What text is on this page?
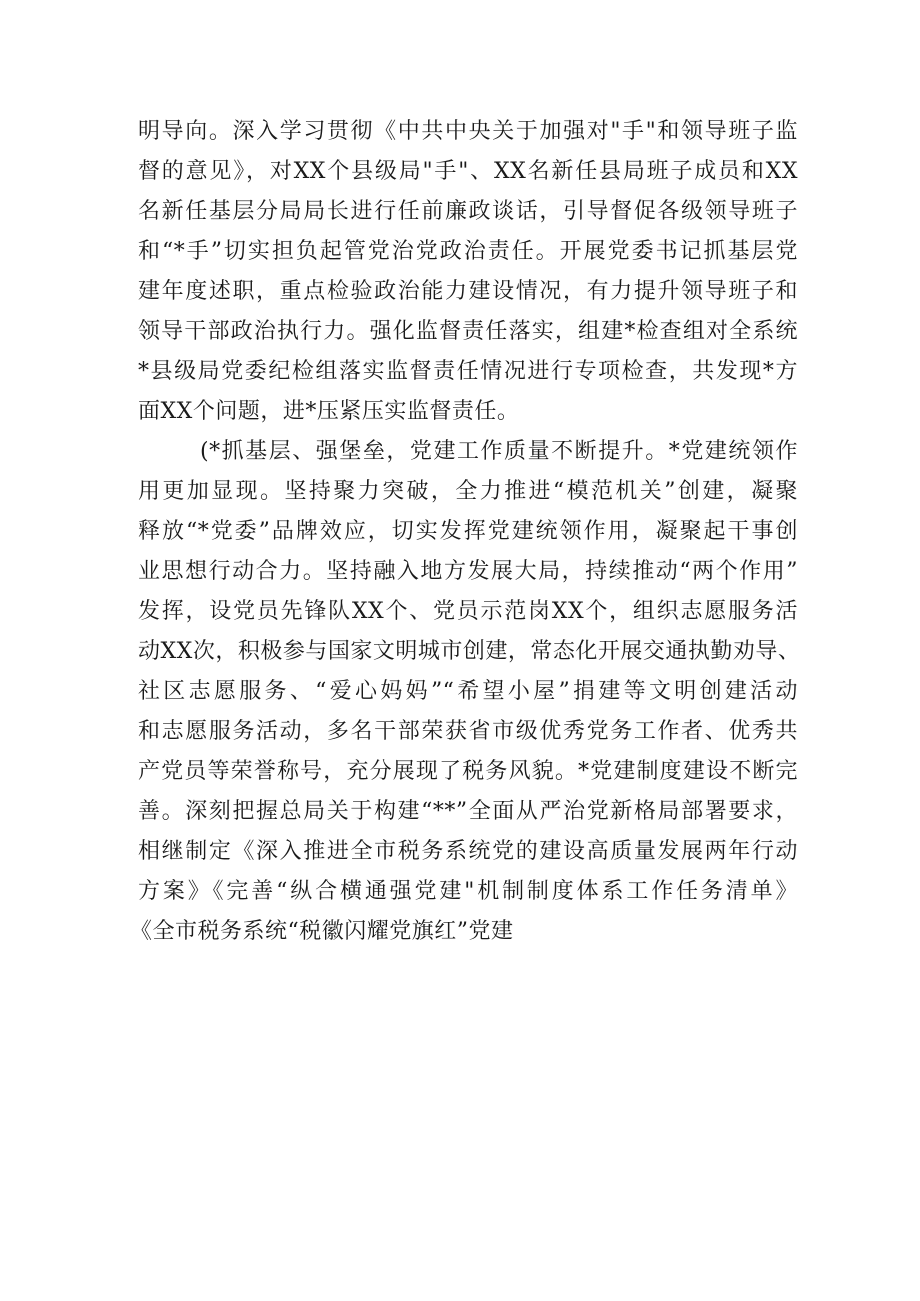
明导向。深入学习贯彻《中共中央关于加强对"手"和领导班子监
督的意见》，对XX个县级局"手"、XX名新任县局班子成员和XX
名新任基层分局局长进行任前廉政谈话，引导督促各级领导班子
和“*手”切实担负起管党治党政治责任。开展党委书记抓基层党
建年度述职，重点检验政治能力建设情况，有力提升领导班子和
领导干部政治执行力。强化监督责任落实，组建*检查组对全系统
*县级局党委纪检组落实监督责任情况进行专项检查，共发现*方
面XX个问题，进*压紧压实监督责任。
(*抓基层、强堡垒，党建工作质量不断提升。*党建统领作
用更加显现。坚持聚力突破，全力推进“模范机关”创建，凝聚
释放“*党委”品牌效应，切实发挥党建统领作用，凝聚起干事创
业思想行动合力。坚持融入地方发展大局，持续推动“两个作用”
发挥，设党员先锋队XX个、党员示范岗XX个，组织志愿服务活
动XX次，积极参与国家文明城市创建，常态化开展交通执勤劝导、
社区志愿服务、“爱心妈妈”“希望小屋”捐建等文明创建活动
和志愿服务活动，多名干部荣获省市级优秀党务工作者、优秀共
产党员等荣誉称号，充分展现了税务风貌。*党建制度建设不断完
善。深刻把握总局关于构建“**”全面从严治党新格局部署要求，
相继制定《深入推进全市税务系统党的建设高质量发展两年行动
方案》《完善“纵合横通强党建"机制制度体系工作任务清单》
《全市税务系统“税徽闪耀党旗红”党建
